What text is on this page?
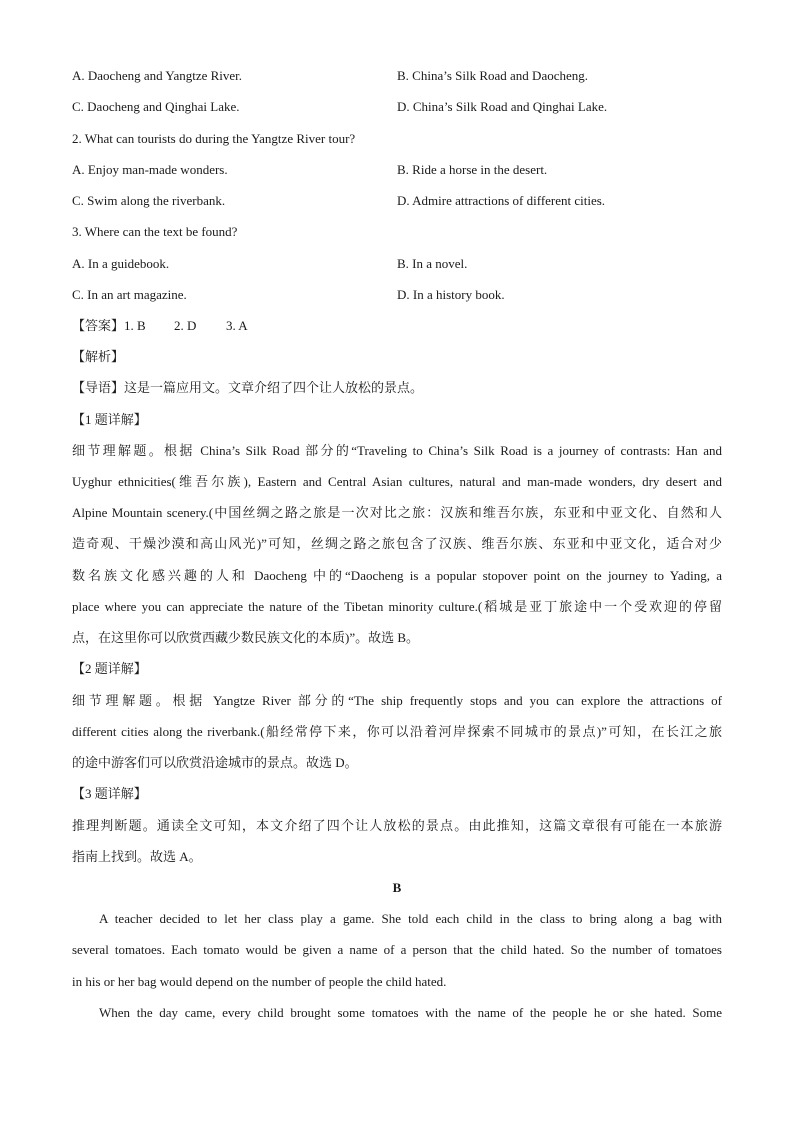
A. Daocheng and Yangtze River.	B. China’s Silk Road and Daocheng.
C. Daocheng and Qinghai Lake.	D. China’s Silk Road and Qinghai Lake.
2. What can tourists do during the Yangtze River tour?
A. Enjoy man-made wonders.	B. Ride a horse in the desert.
C. Swim along the riverbank.	D. Admire attractions of different cities.
3. Where can the text be found?
A. In a guidebook.	B. In a novel.
C. In an art magazine.	D. In a history book.
【答案】1. B 2. D 3. A
【解析】
【导语】这是一篇应用文。文章介绍了四个让人放松的景点。
【1 题详解】
细节理解题。根据 China’s Silk Road 部分的“Traveling to China’s Silk Road is a journey of contrasts: Han and
Uyghur ethnicities(维吾尔族), Eastern and Central Asian cultures, natural and man-made wonders, dry desert and
Alpine Mountain scenery.(中国丝绸之路之旅是一次对比之旅：汉族和维吾尔族，东亚和中亚文化、自然和人
造奇观、干燥沙漠和高山风光)”可知，丝绸之路之旅包含了汉族、维吾尔族、东亚和中亚文化，适合对少
数名族文化感兴趣的人和 Daocheng 中的“Daocheng is a popular stopover point on the journey to Yading, a
place where you can appreciate the nature of the Tibetan minority culture.(稻城是亚丁旅途中一个受欢迎的停留
点，在这里你可以欣赏西藏少数民族文化的本质)”。故选 B。
【2 题详解】
细节理解题。根据 Yangtze River 部分的“The ship frequently stops and you can explore the attractions of
different cities along the riverbank.(船经常停下来，你可以沿着河岸探索不同城市的景点)”可知，在长江之旅
的途中游客们可以欣赏沿途城市的景点。故选 D。
【3 题详解】
推理判断题。通读全文可知，本文介绍了四个让人放松的景点。由此推知，这篇文章很有可能在一本旅游
指南上找到。故选 A。
B
A teacher decided to let her class play a game. She told each child in the class to bring along a bag with
several tomatoes. Each tomato would be given a name of a person that the child hated. So the number of tomatoes
in his or her bag would depend on the number of people the child hated.
When the day came, every child brought some tomatoes with the name of the people he or she hated. Some
